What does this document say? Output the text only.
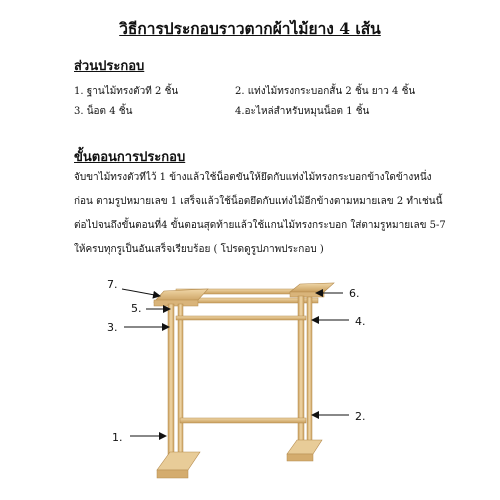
วิธีการประกอบราวตากผ้าไม้ยาง 4 เส้น
ส่วนประกอบ
1. ฐานไม้ทรงตัวที 2 ชิ้น	2. แท่งไม้ทรงกระบอกสั้น 2 ชิ้น ยาว 4 ชิ้น
3. น็อต 4 ชิ้น	4.อะไหล่สำหรับหมุนน็อต 1 ชิ้น
ขั้นตอนการประกอบ
จับขาไม้ทรงตัวทีไว้ 1 ข้างแล้วใช้น็อตขันให้ยึดกับแท่งไม้ทรงกระบอกข้างใดข้างหนึ่ง
ก่อน ตามรูปหมายเลข 1 เสร็จแล้วใช้น็อตยึดกับแท่งไม้อีกข้างตามหมายเลข 2 ทำเช่นนี้
ต่อไปจนถึงขั้นตอนที่4 ขั้นตอนสุดท้ายแล้วใช้แกนไม้ทรงกระบอก ใส่ตามรูหมายเลข 5-7
ให้ครบทุกรูเป็นอันเสร็จเรียบร้อย ( โปรดดูรูปภาพประกอบ )
7.
5.
3.
6.
4.
2.
1.
